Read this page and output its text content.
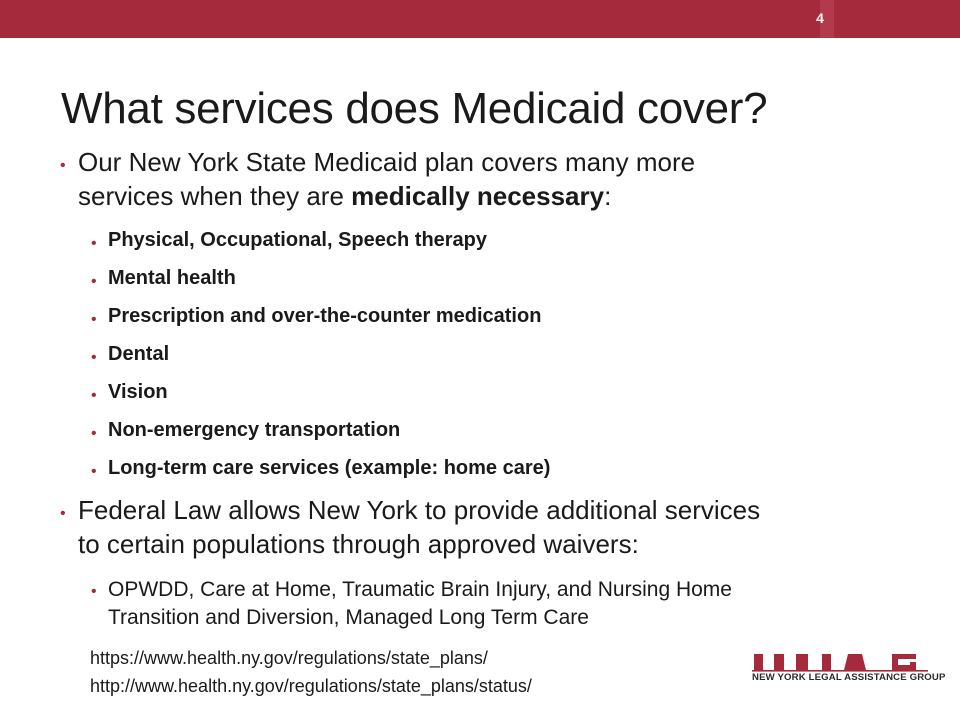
4
What services does Medicaid cover?
• Our New York State Medicaid plan covers many more
services when they are medically necessary:
• Physical, Occupational, Speech therapy
• Mental health
• Prescription and over-the-counter medication
• Dental
• Vision
• Non-emergency transportation
• Long-term care services (example: home care)
• Federal Law allows New York to provide additional services
to certain populations through approved waivers:
• OPWDD, Care at Home, Traumatic Brain Injury, and Nursing Home
Transition and Diversion, Managed Long Term Care
https://www.health.ny.gov/regulations/state_plans/
http://www.health.ny.gov/regulations/state_plans/status/	NEW YORK LEGAL ASSISTANCE GROUP
